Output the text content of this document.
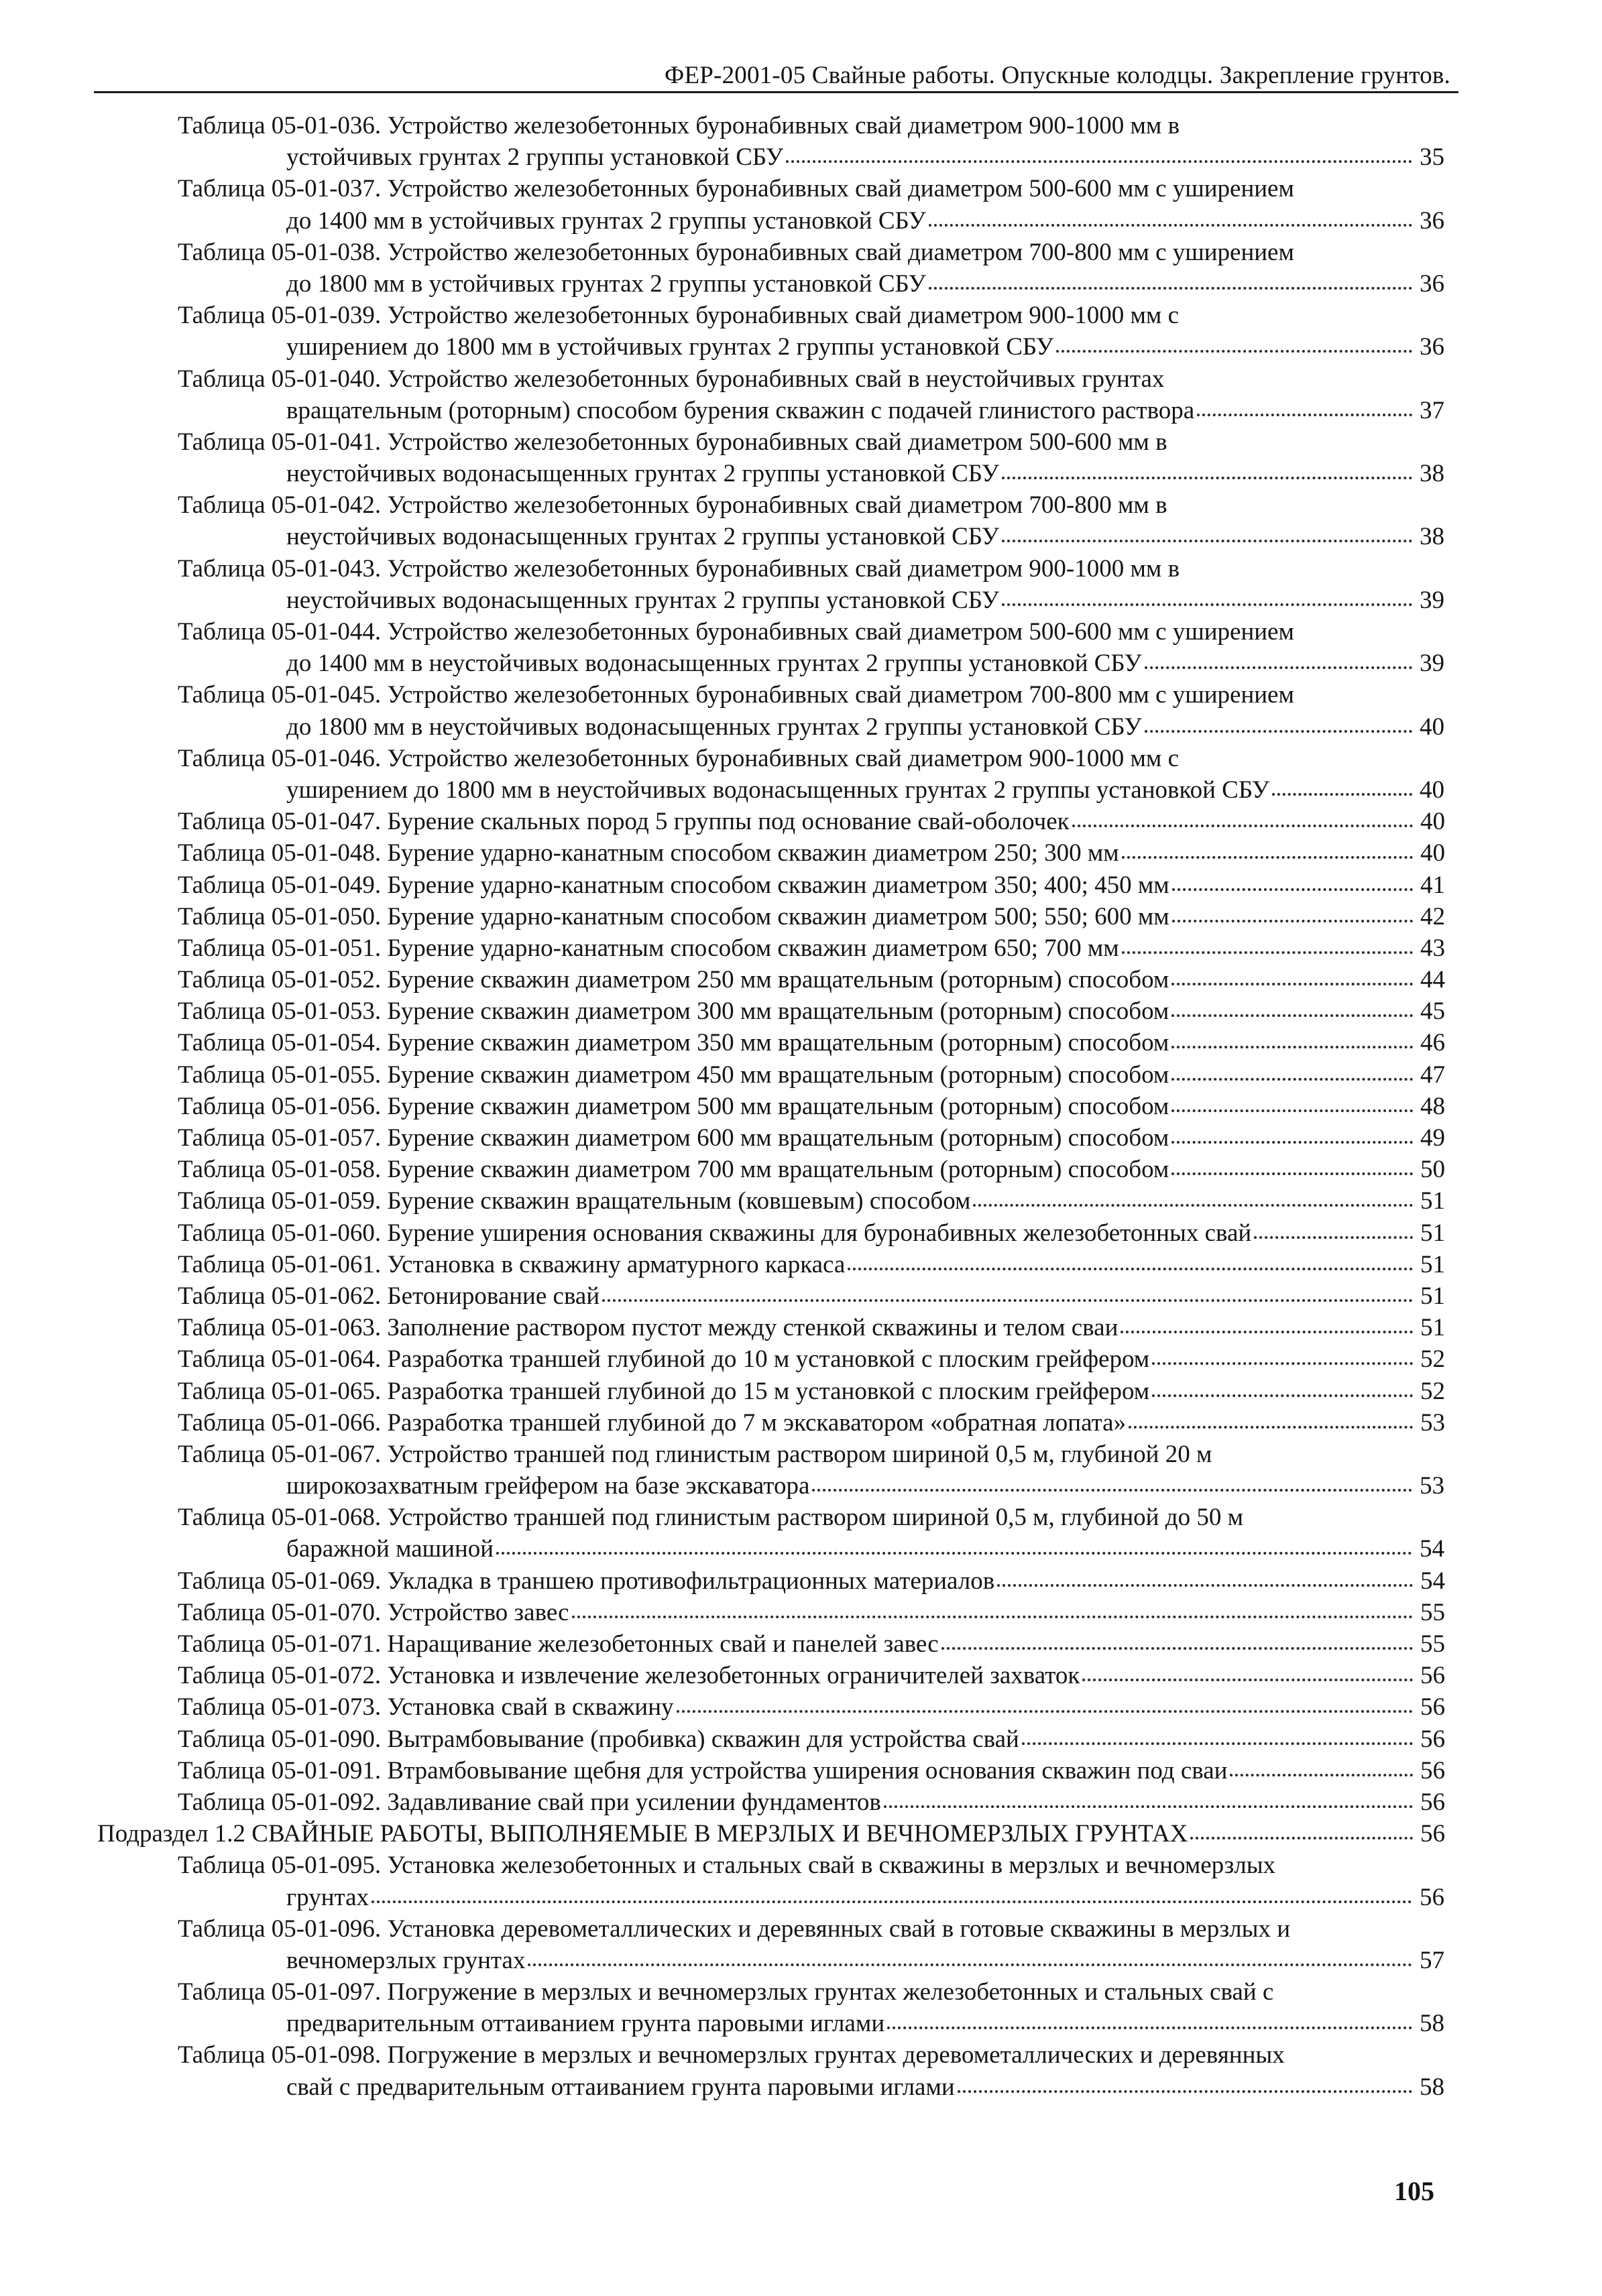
ФЕР-2001-05 Свайные работы. Опускные колодцы. Закрепление грунтов.
Таблица 05-01-036. Устройство железобетонных буронабивных свай диаметром 900-1000 мм в
устойчивых грунтах 2 группы установкой СБУ	35
Таблица 05-01-037. Устройство железобетонных буронабивных свай диаметром 500-600 мм с уширением
до 1400 мм в устойчивых грунтах 2 группы установкой СБУ	36
Таблица 05-01-038. Устройство железобетонных буронабивных свай диаметром 700-800 мм с уширением
до 1800 мм в устойчивых грунтах 2 группы установкой СБУ	36
Таблица 05-01-039. Устройство железобетонных буронабивных свай диаметром 900-1000 мм с
уширением до 1800 мм в устойчивых грунтах 2 группы установкой СБУ	36
Таблица 05-01-040. Устройство железобетонных буронабивных свай в неустойчивых грунтах
вращательным (роторным) способом бурения скважин с подачей глинистого раствора	37
Таблица 05-01-041. Устройство железобетонных буронабивных свай диаметром 500-600 мм в
неустойчивых водонасыщенных грунтах 2 группы установкой СБУ	38
Таблица 05-01-042. Устройство железобетонных буронабивных свай диаметром 700-800 мм в
неустойчивых водонасыщенных грунтах 2 группы установкой СБУ	38
Таблица 05-01-043. Устройство железобетонных буронабивных свай диаметром 900-1000 мм в
неустойчивых водонасыщенных грунтах 2 группы установкой СБУ	39
Таблица 05-01-044. Устройство железобетонных буронабивных свай диаметром 500-600 мм с уширением
до 1400 мм в неустойчивых водонасыщенных грунтах 2 группы установкой СБУ	39
Таблица 05-01-045. Устройство железобетонных буронабивных свай диаметром 700-800 мм с уширением
до 1800 мм в неустойчивых водонасыщенных грунтах 2 группы установкой СБУ	40
Таблица 05-01-046. Устройство железобетонных буронабивных свай диаметром 900-1000 мм с
уширением до 1800 мм в неустойчивых водонасыщенных грунтах 2 группы установкой СБУ	40
Таблица 05-01-047. Бурение скальных пород 5 группы под основание свай-оболочек	40
Таблица 05-01-048. Бурение ударно-канатным способом скважин диаметром 250; 300 мм	40
Таблица 05-01-049. Бурение ударно-канатным способом скважин диаметром 350; 400; 450 мм	41
Таблица 05-01-050. Бурение ударно-канатным способом скважин диаметром 500; 550; 600 мм	42
Таблица 05-01-051. Бурение ударно-канатным способом скважин диаметром 650; 700 мм	43
Таблица 05-01-052. Бурение скважин диаметром 250 мм вращательным (роторным) способом	44
Таблица 05-01-053. Бурение скважин диаметром 300 мм вращательным (роторным) способом	45
Таблица 05-01-054. Бурение скважин диаметром 350 мм вращательным (роторным) способом	46
Таблица 05-01-055. Бурение скважин диаметром 450 мм вращательным (роторным) способом	47
Таблица 05-01-056. Бурение скважин диаметром 500 мм вращательным (роторным) способом	48
Таблица 05-01-057. Бурение скважин диаметром 600 мм вращательным (роторным) способом	49
Таблица 05-01-058. Бурение скважин диаметром 700 мм вращательным (роторным) способом	50
Таблица 05-01-059. Бурение скважин вращательным (ковшевым) способом	51
Таблица 05-01-060. Бурение уширения основания скважины для буронабивных железобетонных свай	51
Таблица 05-01-061. Установка в скважину арматурного каркаса	51
Таблица 05-01-062. Бетонирование свай	51
Таблица 05-01-063. Заполнение раствором пустот между стенкой скважины и телом сваи	51
Таблица 05-01-064. Разработка траншей глубиной до 10 м установкой с плоским грейфером	52
Таблица 05-01-065. Разработка траншей глубиной до 15 м установкой с плоским грейфером	52
Таблица 05-01-066. Разработка траншей глубиной до 7 м экскаватором «обратная лопата»	53
Таблица 05-01-067. Устройство траншей под глинистым раствором шириной 0,5 м, глубиной 20 м
широкозахватным грейфером на базе экскаватора	53
Таблица 05-01-068. Устройство траншей под глинистым раствором шириной 0,5 м, глубиной до 50 м
баражной машиной	54
Таблица 05-01-069. Укладка в траншею противофильтрационных материалов	54
Таблица 05-01-070. Устройство завес	55
Таблица 05-01-071. Наращивание железобетонных свай и панелей завес	55
Таблица 05-01-072. Установка и извлечение железобетонных ограничителей захваток	56
Таблица 05-01-073. Установка свай в скважину	56
Таблица 05-01-090. Вытрамбовывание (пробивка) скважин для устройства свай	56
Таблица 05-01-091. Втрамбовывание щебня для устройства уширения основания скважин под сваи	56
Таблица 05-01-092. Задавливание свай при усилении фундаментов	56
Подраздел 1.2 СВАЙНЫЕ РАБОТЫ, ВЫПОЛНЯЕМЫЕ В МЕРЗЛЫХ И ВЕЧНОМЕРЗЛЫХ ГРУНТАХ	56
Таблица 05-01-095. Установка железобетонных и стальных свай в скважины в мерзлых и вечномерзлых
грунтах	56
Таблица 05-01-096. Установка деревометаллических и деревянных свай в готовые скважины в мерзлых и
вечномерзлых грунтах	57
Таблица 05-01-097. Погружение в мерзлых и вечномерзлых грунтах железобетонных и стальных свай с
предварительным оттаиванием грунта паровыми иглами	58
Таблица 05-01-098. Погружение в мерзлых и вечномерзлых грунтах деревометаллических и деревянных
свай с предварительным оттаиванием грунта паровыми иглами	58
105
